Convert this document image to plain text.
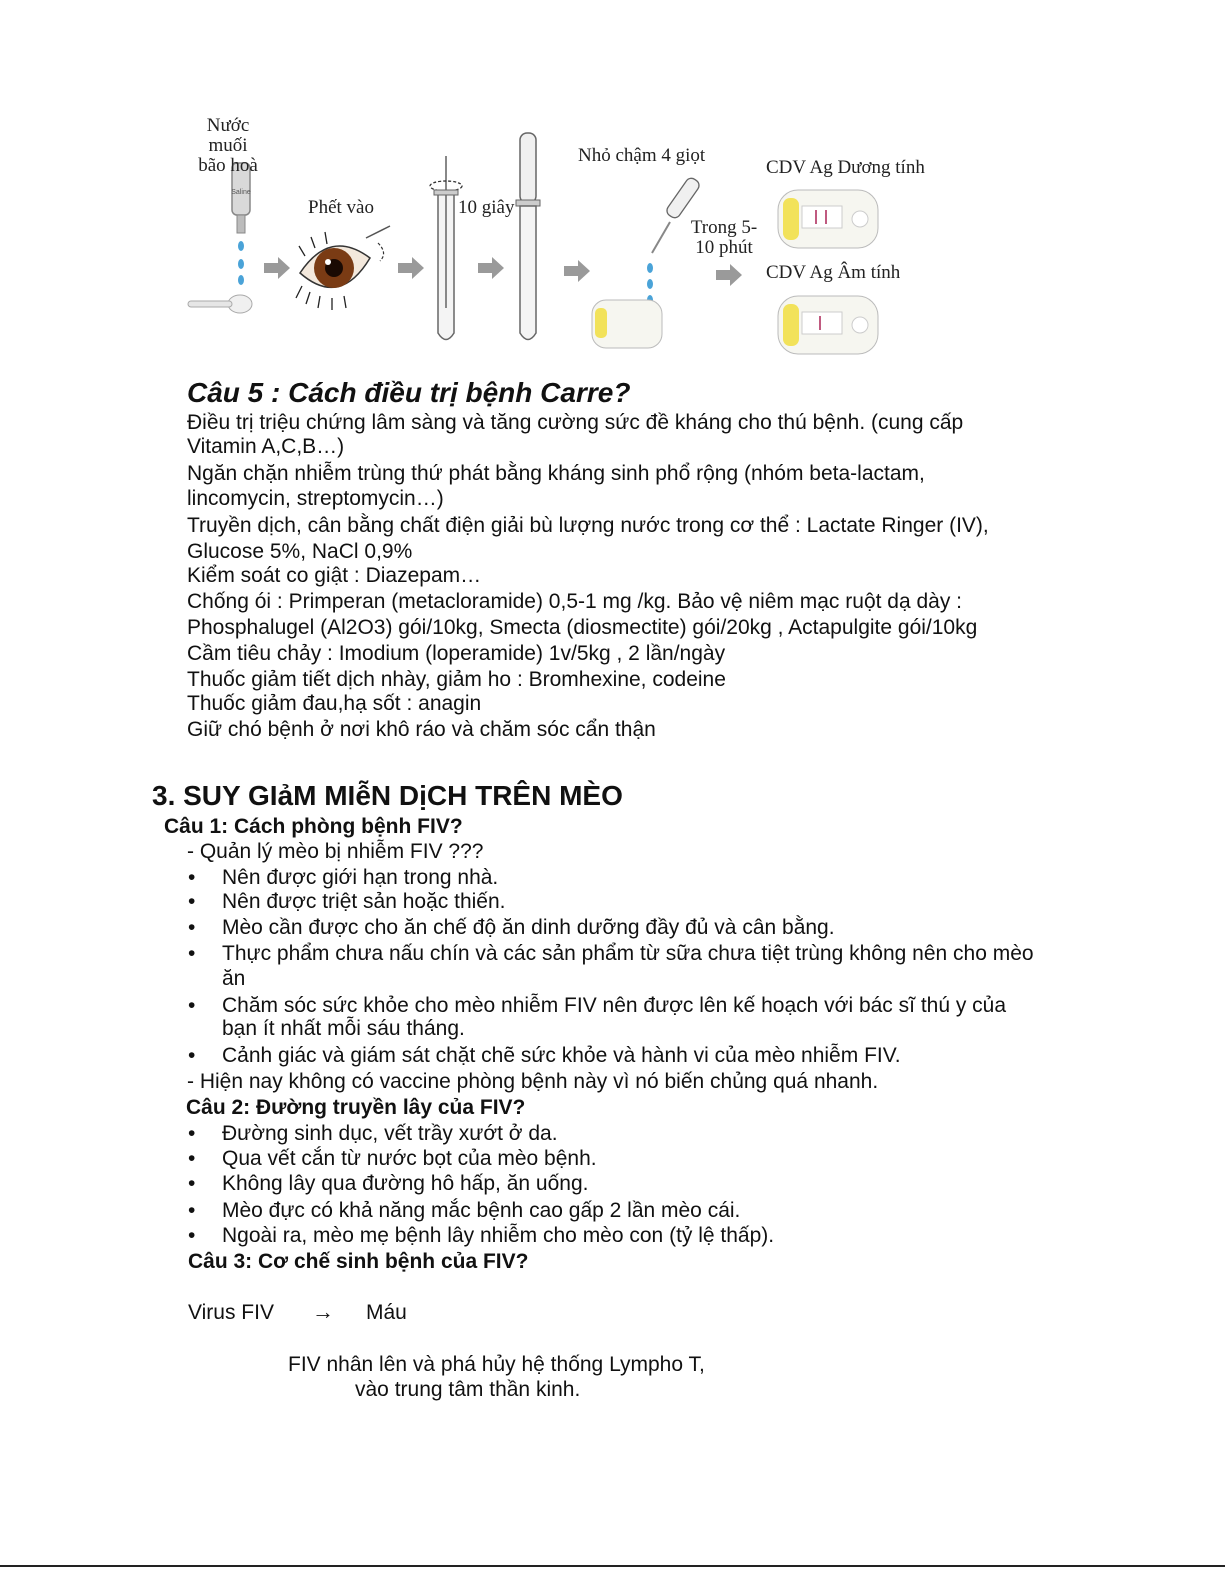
Saline
Nước muối bão hoà
Phết vào	10 giây
Nhỏ chậm 4 giọt
Trong 5-10 phút
CDV Ag Dương tính
CDV Ag Âm tính
Câu 5 : Cách điều trị bệnh Carre?
Điều trị triệu chứng lâm sàng và tăng cường sức đề kháng cho thú bệnh. (cung cấp
Vitamin A,C,B…)
Ngăn chặn nhiễm trùng thứ phát bằng kháng sinh phổ rộng (nhóm beta-lactam,
lincomycin, streptomycin…)
Truyền dịch, cân bằng chất điện giải bù lượng nước trong cơ thể : Lactate Ringer (IV),
Glucose 5%, NaCl 0,9%
Kiểm soát co giật : Diazepam…
Chống ói : Primperan (metacloramide) 0,5-1 mg /kg. Bảo vệ niêm mạc ruột dạ dày :
Phosphalugel (Al2O3) gói/10kg, Smecta (diosmectite) gói/20kg , Actapulgite gói/10kg
Cầm tiêu chảy : Imodium (loperamide) 1v/5kg , 2 lần/ngày
Thuốc giảm tiết dịch nhày, giảm ho : Bromhexine, codeine
Thuốc giảm đau,hạ sốt : anagin
Giữ chó bệnh ở nơi khô ráo và chăm sóc cẩn thận
3. SUY GIảM MIễN DịCH TRÊN MÈO
Câu 1: Cách phòng bệnh FIV?
- Quản lý mèo bị nhiễm FIV ???
• Nên được giới hạn trong nhà.
• Nên được triệt sản hoặc thiến.
• Mèo cần được cho ăn chế độ ăn dinh dưỡng đầy đủ và cân bằng.
• Thực phẩm chưa nấu chín và các sản phẩm từ sữa chưa tiệt trùng không nên cho mèo
ăn
• Chăm sóc sức khỏe cho mèo nhiễm FIV nên được lên kế hoạch với bác sĩ thú y của
bạn ít nhất mỗi sáu tháng.
• Cảnh giác và giám sát chặt chẽ sức khỏe và hành vi của mèo nhiễm FIV.
- Hiện nay không có vaccine phòng bệnh này vì nó biến chủng quá nhanh.
Câu 2: Đường truyền lây của FIV?
• Đường sinh dục, vết trầy xướt ở da.
• Qua vết cắn từ nước bọt của mèo bệnh.
• Không lây qua đường hô hấp, ăn uống.
• Mèo đực có khả năng mắc bệnh cao gấp 2 lần mèo cái.
• Ngoài ra, mèo mẹ bệnh lây nhiễm cho mèo con (tỷ lệ thấp).
Câu 3: Cơ chế sinh bệnh của FIV?
Virus FIV → Máu
FIV nhân lên và phá hủy hệ thống Lympho T,
vào trung tâm thần kinh.
